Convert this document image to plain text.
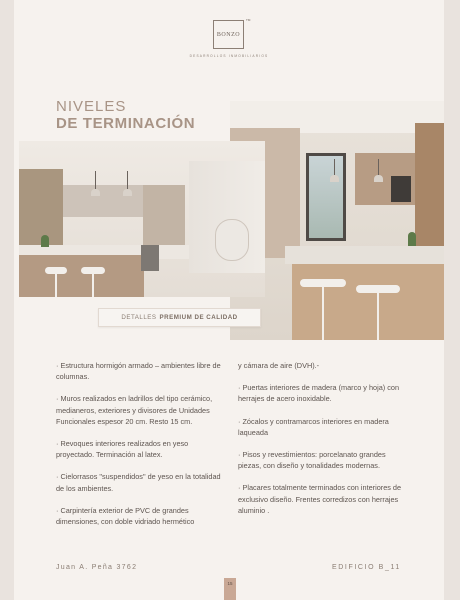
BONZO
TM
DESARROLLOS INMOBILIARIOS
NIVELES
DE TERMINACIÓN
DETALLES PREMIUM DE CALIDAD

· Estructura hormigón armado – ambientes libre de columnas.

· Muros realizados en ladrillos del tipo cerámico, medianeros, exteriores y divisores de Unidades Funcionales espesor 20 cm. Resto 15 cm.

· Revoques interiores realizados en yeso proyectado. Terminación al latex.

· Cielorrasos "suspendidos" de yeso en la totalidad de los ambientes.

· Carpintería exterior de PVC de grandes dimensiones, con doble vidriado hermético

y cámara de aire (DVH).-

· Puertas interiores de madera (marco y hoja) con herrajes de acero inoxidable.

· Zócalos y contramarcos interiores en madera laqueada

· Pisos y revestimientos: porcelanato grandes piezas, con diseño y tonalidades modernas.

· Placares totalmente terminados con interiores de exclusivo diseño. Frentes corredizos con herrajes aluminio .

Juan A. Peña 3762	EDIFICIO B_11
15
